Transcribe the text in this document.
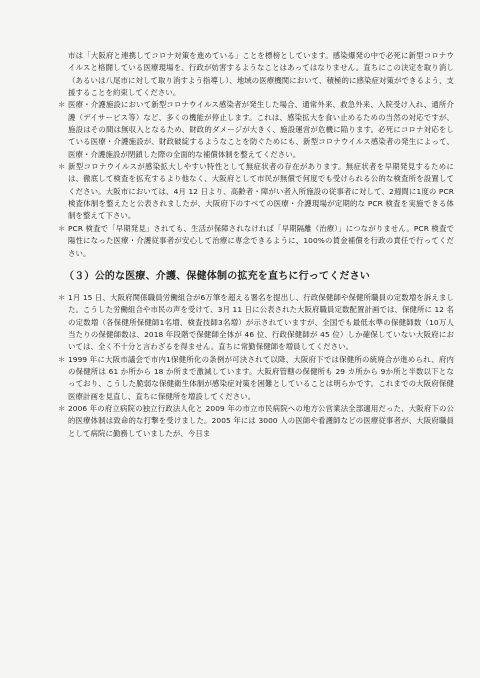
市は「大阪府と連携してコロナ対策を進めている」ことを標榜としています。感染爆発の中で必死に新型コロナウイルスと格闘している医療現場を、行政が妨害するようなことはあってはなりません。直ちにこの決定を取り消し（あるいは八尾市に対して取り消すよう指導し）、地域の医療機関において、積極的に感染症対策ができるよう、支援することを約束してください。

＊ 医療・介護施設において新型コロナウイルス感染者が発生した場合、通常外来、救急外来、入院受け入れ、通所介護（デイサービス等）など、多くの機能が停止します。これは、感染拡大を食い止めるための当然の対応ですが、施設はその間は無収入となるため、財政的ダメージが大きく、施設運営が危機に陥ります。必死にコロナ対応をしている医療・介護施設が、財政破綻するようなことを防ぐためにも、新型コロナウイルス感染者の発生によって、医療・介護施設が閉鎖した際の全面的な補償体制を整えてください。

＊ 新型コロナウイルスが感染拡大しやすい特性として無症状者の存在があります。無症状者を早期発見するためには、徹底して検査を拡充するより他なく、大阪府として市民が無償で何度でも受けられる公的な検査所を設置してください。大阪市においては、4月 12 日より、高齢者・障がい者入所施設の従事者に対して、2週間に1度の PCR 検査体制を整えたと公表されましたが、大阪府下のすべての医療・介護現場が定期的な PCR 検査を実施できる体制を整えて下さい。

＊ PCR 検査で「早期発見」されても、生活が保障されなければ「早期隔離（治療）」につながりません。PCR 検査で陽性になった医療・介護従事者が安心して治療に専念できるように、100%の賃金補償を行政の責任で行ってください。

（３）公的な医療、介護、保健体制の拡充を直ちに行ってください

＊ 1月 15 日、大阪府関係職員労働組合が6万筆を超える署名を提出し、行政保健師や保健所職員の定数増を訴えました。こうした労働組合や市民の声を受けて、3月 11 日に公表された大阪府職員定数配置計画では、保健所に 12 名の定数増（各保健所保健師1名増、検査技師3名増）が示されていますが、全国でも最低水準の保健師数（10万人当たりの保健師数は、2018 年段階で保健師全体が 46 位、行政保健師が 45 位）しか確保していない大阪府においては、全く不十分と言わざるを得ません。直ちに常勤保健師を増員してください。

＊ 1999 年に大阪市議会で市内1保健所化の条例が可決されて以降、大阪府下では保健所の統廃合が進められ、府内の保健所は 61 か所から 18 か所まで激減しています。大阪府管轄の保健所も 29 カ所から 9か所と半数以下となっており、こうした脆弱な保健衛生体制が感染症対策を困難としていることは明らかです。これまでの大阪府保健医療計画を見直し、直ちに保健所を増設してください。

＊ 2006 年の府立病院の独立行政法人化と 2009 年の市立市民病院への地方公営業法全部適用だった、大阪府下の公的医療体制は致命的な打撃を受けました。2005 年には 3000 人の医師や看護師などの医療従事者が、大阪府職員として病院に勤務していましたが、今日ま
